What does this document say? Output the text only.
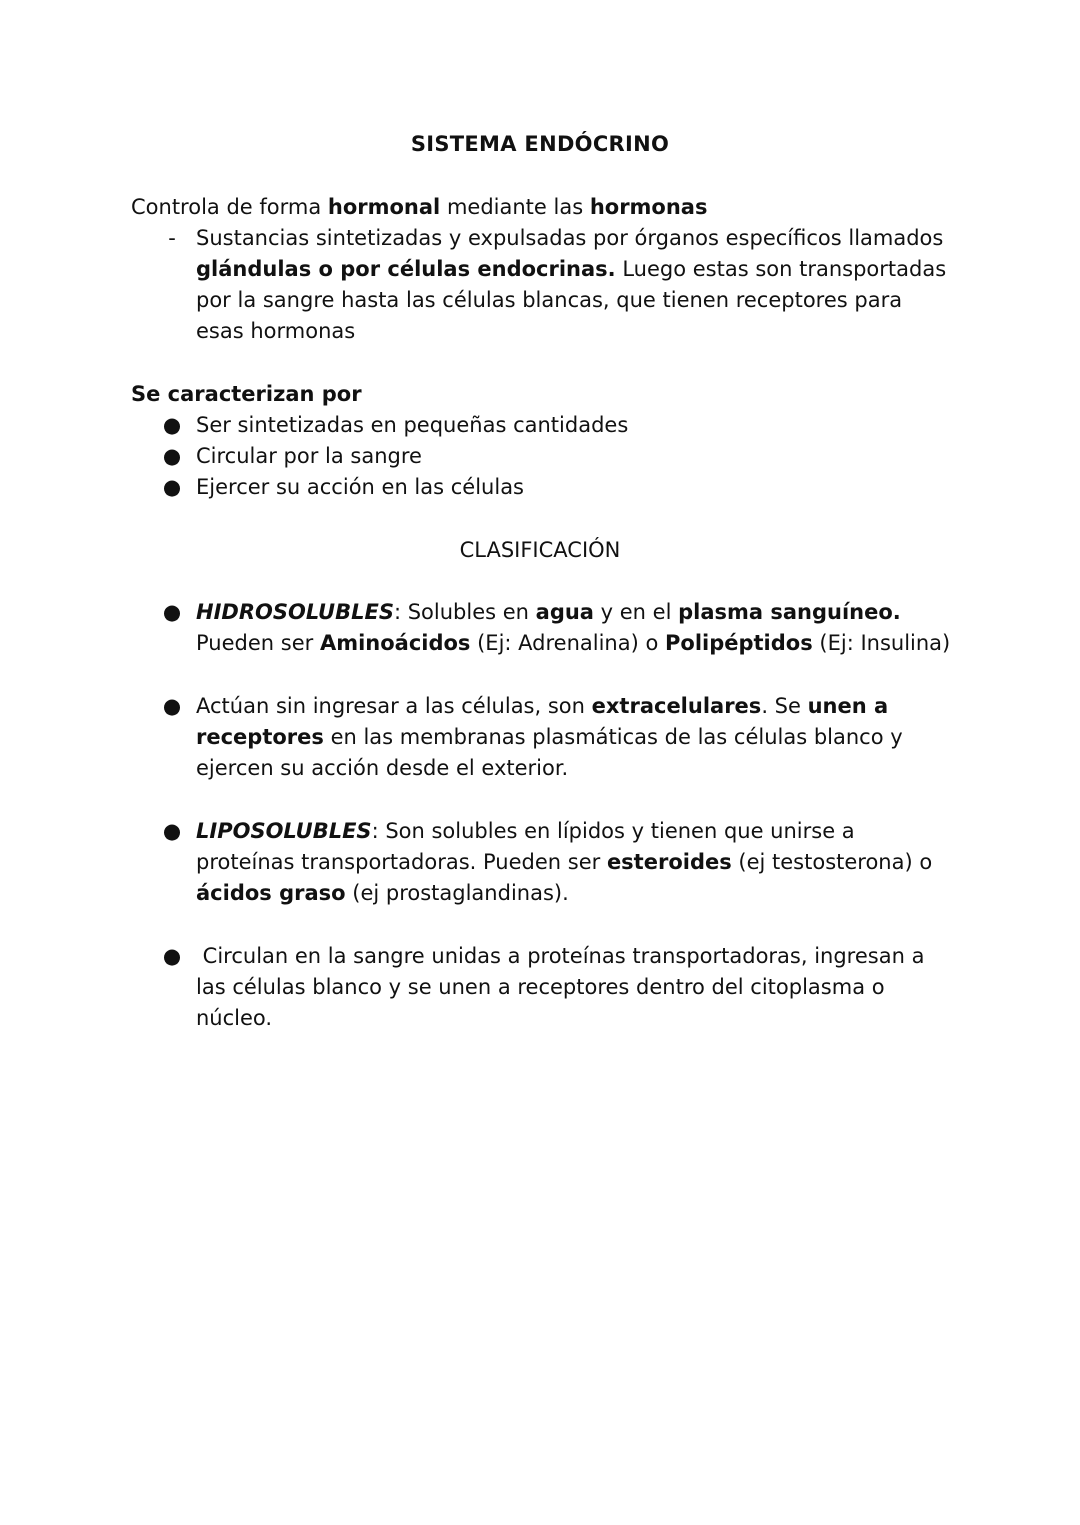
SISTEMA ENDÓCRINO
Controla de forma hormonal mediante las hormonas
- Sustancias sintetizadas y expulsadas por órganos específicos llamados
glándulas o por células endocrinas. Luego estas son transportadas
por la sangre hasta las células blancas, que tienen receptores para
esas hormonas
Se caracterizan por
● Ser sintetizadas en pequeñas cantidades
● Circular por la sangre
● Ejercer su acción en las células
CLASIFICACIÓN
● HIDROSOLUBLES: Solubles en agua y en el plasma sanguíneo.
Pueden ser Aminoácidos (Ej: Adrenalina) o Polipéptidos (Ej: Insulina)
● Actúan sin ingresar a las células, son extracelulares. Se unen a
receptores en las membranas plasmáticas de las células blanco y
ejercen su acción desde el exterior.
● LIPOSOLUBLES: Son solubles en lípidos y tienen que unirse a
proteínas transportadoras. Pueden ser esteroides (ej testosterona) o
ácidos graso (ej prostaglandinas).
● Circulan en la sangre unidas a proteínas transportadoras, ingresan a
las células blanco y se unen a receptores dentro del citoplasma o
núcleo.
